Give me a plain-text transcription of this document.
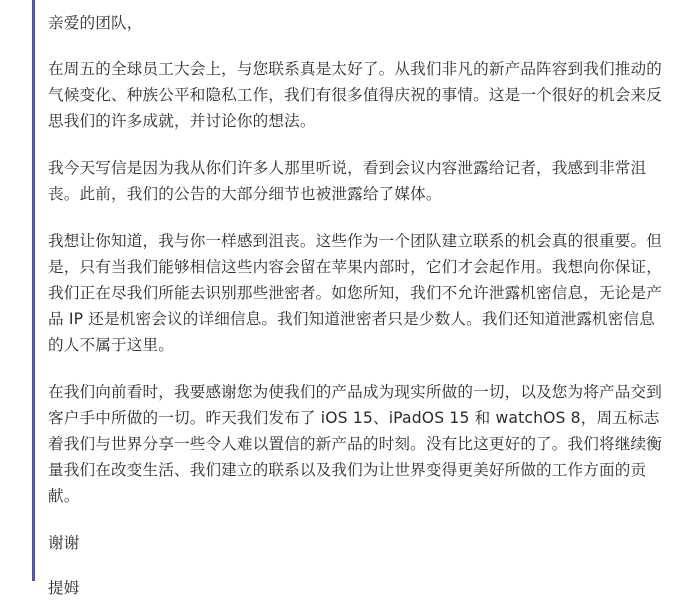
亲爱的团队，

在周五的全球员工大会上，与您联系真是太好了。从我们非凡的新产品阵容到我们推动的气候变化、种族公平和隐私工作，我们有很多值得庆祝的事情。这是一个很好的机会来反思我们的许多成就，并讨论你的想法。

我今天写信是因为我从你们许多人那里听说，看到会议内容泄露给记者，我感到非常沮丧。此前，我们的公告的大部分细节也被泄露给了媒体。

我想让你知道，我与你一样感到沮丧。这些作为一个团队建立联系的机会真的很重要。但是，只有当我们能够相信这些内容会留在苹果内部时，它们才会起作用。我想向你保证，我们正在尽我们所能去识别那些泄密者。如您所知，我们不允许泄露机密信息，无论是产品 IP 还是机密会议的详细信息。我们知道泄密者只是少数人。我们还知道泄露机密信息的人不属于这里。

在我们向前看时，我要感谢您为使我们的产品成为现实所做的一切，以及您为将产品交到客户手中所做的一切。昨天我们发布了 iOS 15、iPadOS 15 和 watchOS 8，周五标志着我们与世界分享一些令人难以置信的新产品的时刻。没有比这更好的了。我们将继续衡量我们在改变生活、我们建立的联系以及我们为让世界变得更美好所做的工作方面的贡献。

谢谢

提姆
